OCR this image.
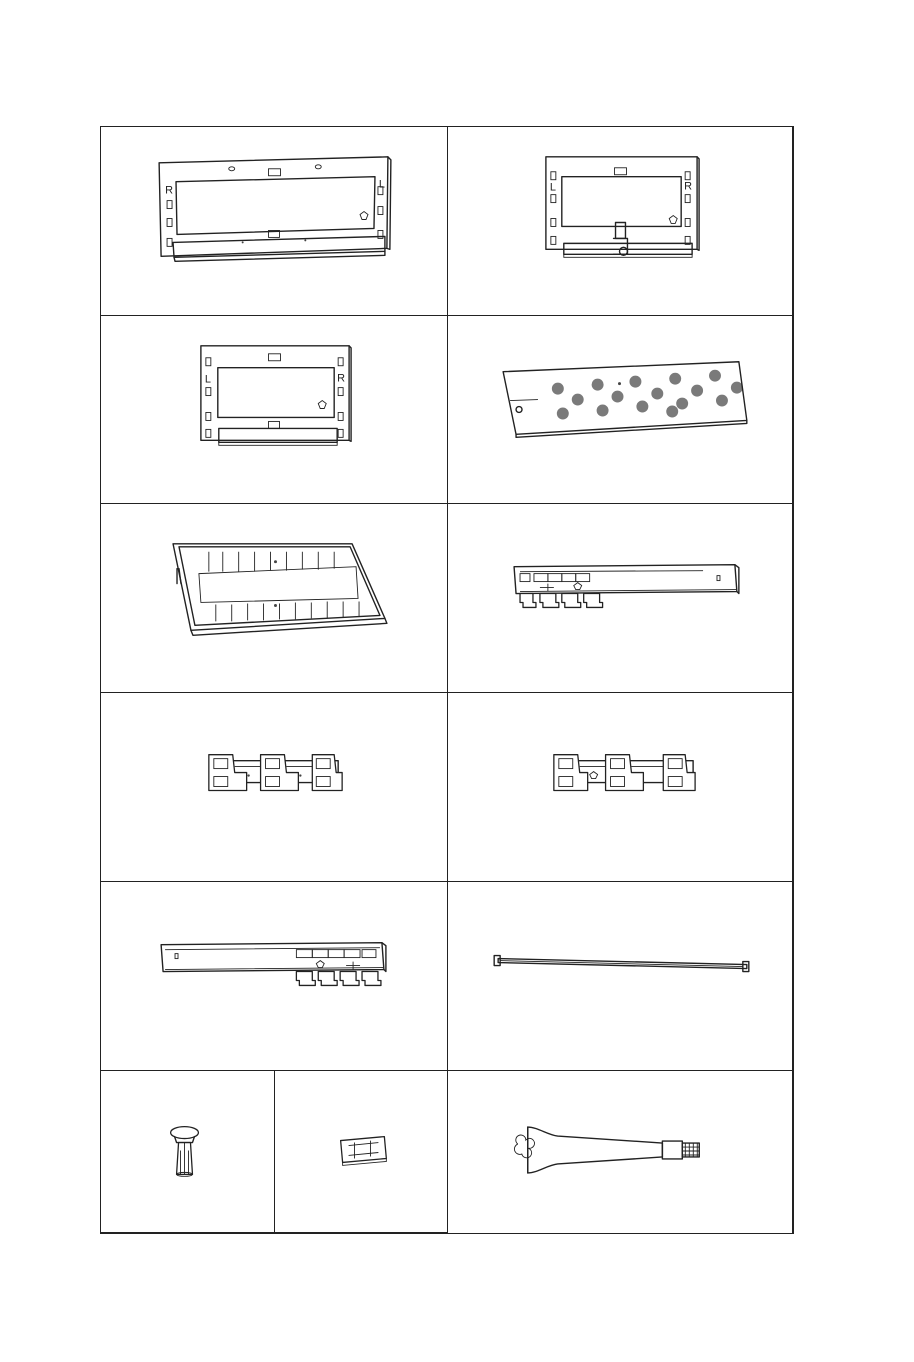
R	L	L	R
L	R
